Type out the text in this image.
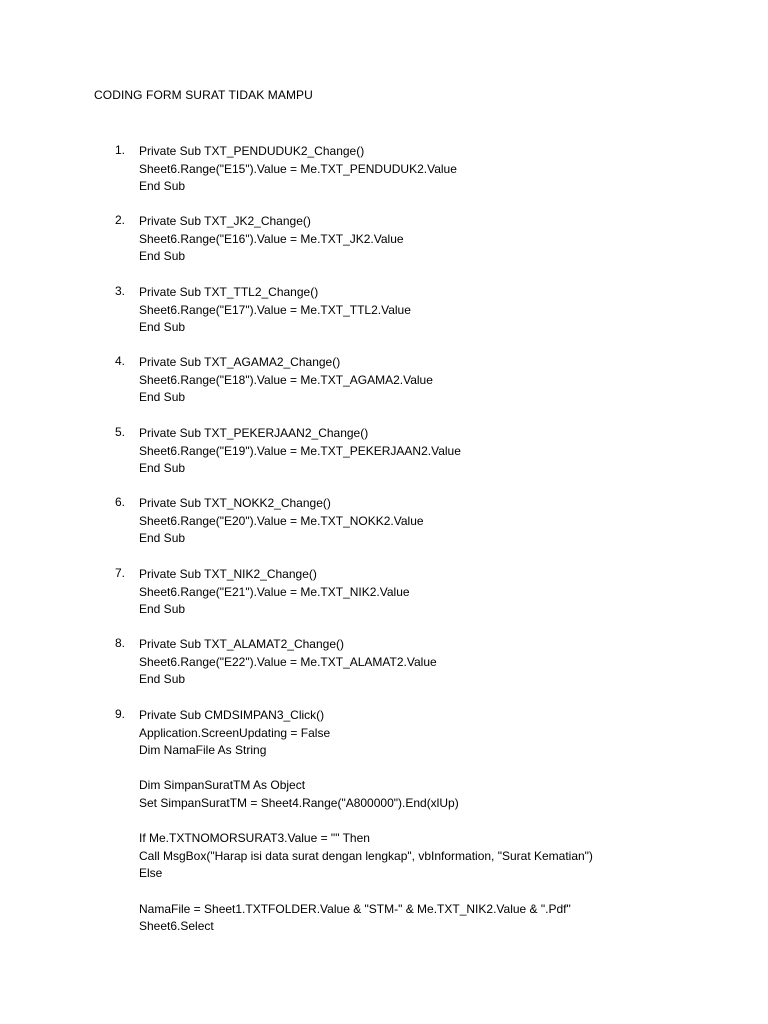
CODING FORM SURAT TIDAK MAMPU
1.	Private Sub TXT_PENDUDUK2_Change()
Sheet6.Range("E15").Value = Me.TXT_PENDUDUK2.Value
End Sub
2.	Private Sub TXT_JK2_Change()
Sheet6.Range("E16").Value = Me.TXT_JK2.Value
End Sub
3.	Private Sub TXT_TTL2_Change()
Sheet6.Range("E17").Value = Me.TXT_TTL2.Value
End Sub
4.	Private Sub TXT_AGAMA2_Change()
Sheet6.Range("E18").Value = Me.TXT_AGAMA2.Value
End Sub
5.	Private Sub TXT_PEKERJAAN2_Change()
Sheet6.Range("E19").Value = Me.TXT_PEKERJAAN2.Value
End Sub
6.	Private Sub TXT_NOKK2_Change()
Sheet6.Range("E20").Value = Me.TXT_NOKK2.Value
End Sub
7.	Private Sub TXT_NIK2_Change()
Sheet6.Range("E21").Value = Me.TXT_NIK2.Value
End Sub
8.	Private Sub TXT_ALAMAT2_Change()
Sheet6.Range("E22").Value = Me.TXT_ALAMAT2.Value
End Sub
9.	Private Sub CMDSIMPAN3_Click()
Application.ScreenUpdating = False
Dim NamaFile As String
Dim SimpanSuratTM As Object
Set SimpanSuratTM = Sheet4.Range("A800000").End(xlUp)
If Me.TXTNOMORSURAT3.Value = "" Then
Call MsgBox("Harap isi data surat dengan lengkap", vbInformation, "Surat Kematian")
Else
NamaFile = Sheet1.TXTFOLDER.Value & "STM-" & Me.TXT_NIK2.Value & ".Pdf"
Sheet6.Select
